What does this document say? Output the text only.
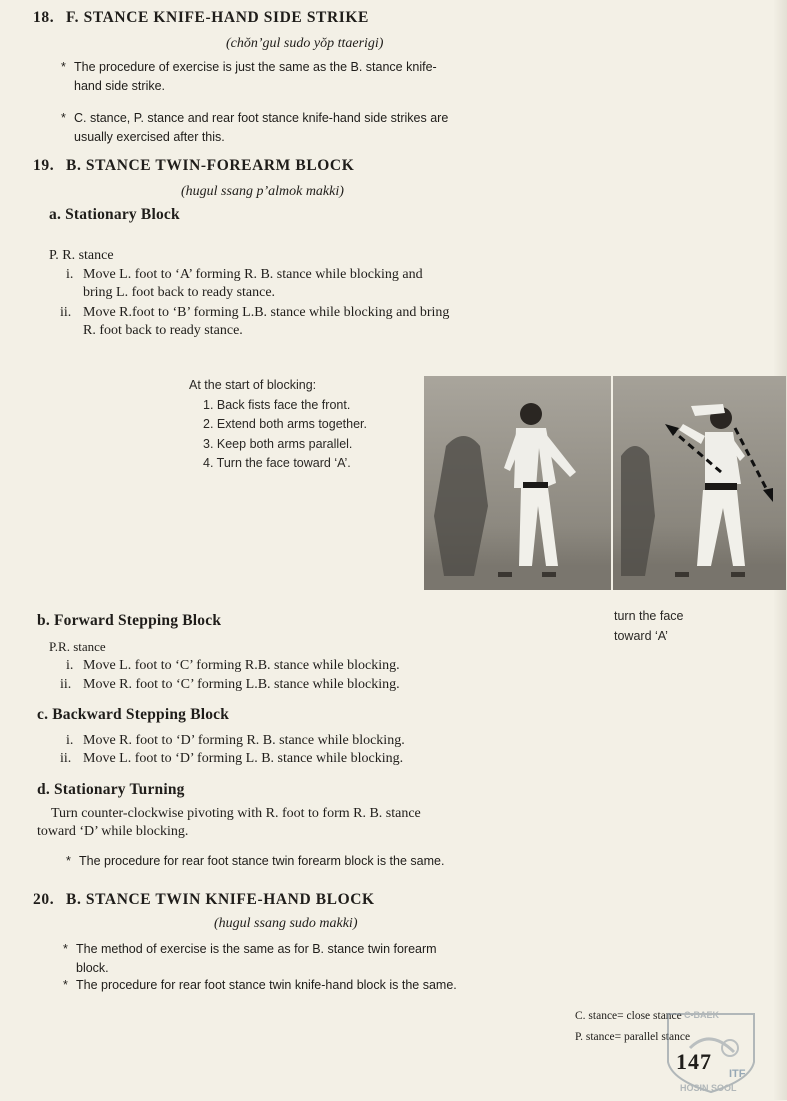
18. F. STANCE KNIFE-HAND SIDE STRIKE
(chŏn’gul sudo yŏp ttaerigi)
* The procedure of exercise is just the same as the B. stance knife-
hand side strike.
* C. stance, P. stance and rear foot stance knife-hand side strikes are
usually exercised after this.
19. B. STANCE TWIN-FOREARM BLOCK
(hugul ssang p’almok makki)
a. Stationary Block
P. R. stance
i. Move L. foot to ‘A’ forming R. B. stance while blocking and
bring L. foot back to ready stance.
ii. Move R.foot to ‘B’ forming L.B. stance while blocking and bring
R. foot back to ready stance.
At the start of blocking:
1. Back fists face the front.
2. Extend both arms together.
3. Keep both arms parallel.
4. Turn the face toward ‘A’.
turn the face
toward ‘A’
b. Forward Stepping Block
P.R. stance
i. Move L. foot to ‘C’ forming R.B. stance while blocking.
ii. Move R. foot to ‘C’ forming L.B. stance while blocking.
c. Backward Stepping Block
i. Move R. foot to ‘D’ forming R. B. stance while blocking.
ii. Move L. foot to ‘D’ forming L. B. stance while blocking.
d. Stationary Turning
Turn counter-clockwise pivoting with R. foot to form R. B. stance
toward ‘D’ while blocking.
* The procedure for rear foot stance twin forearm block is the same.
20. B. STANCE TWIN KNIFE-HAND BLOCK
(hugul ssang sudo makki)
* The method of exercise is the same as for B. stance twin forearm
block.
* The procedure for rear foot stance twin knife-hand block is the same.
C. stance= close stance
P. stance= parallel stance
C-BAEK
ITF
HOSIN SOOL
147
